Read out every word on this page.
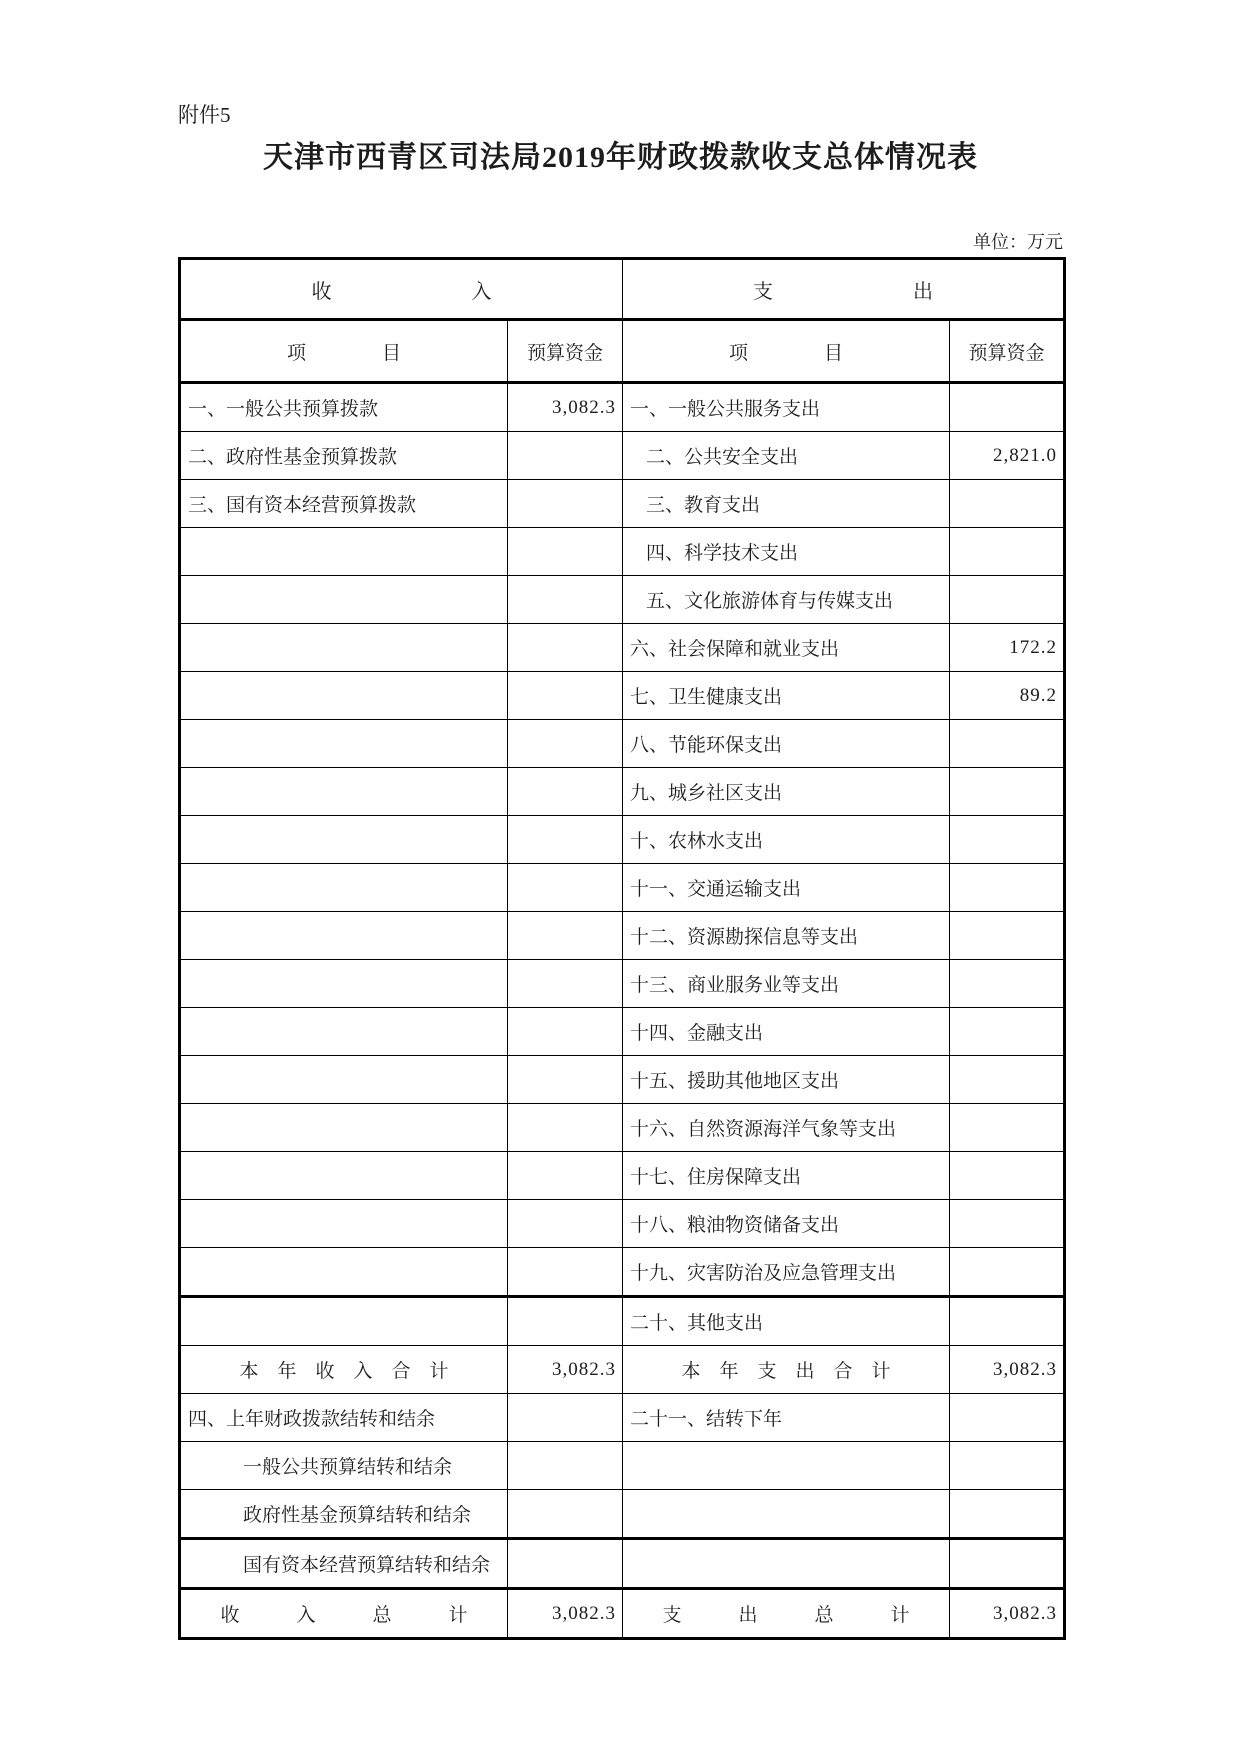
附件5
天津市西青区司法局2019年财政拨款收支总体情况表
单位：万元
收　　　　　　　入		支　　　　　　　出	
项　　　　目	预算资金	项　　　　目	预算资金
一、一般公共预算拨款	3,082.3	一、一般公共服务支出	
二、政府性基金预算拨款		二、公共安全支出	2,821.0
三、国有资本经营预算拨款		三、教育支出	
		四、科学技术支出	
		五、文化旅游体育与传媒支出	
		六、社会保障和就业支出	172.2
		七、卫生健康支出	89.2
		八、节能环保支出	
		九、城乡社区支出	
		十、农林水支出	
		十一、交通运输支出	
		十二、资源勘探信息等支出	
		十三、商业服务业等支出	
		十四、金融支出	
		十五、援助其他地区支出	
		十六、自然资源海洋气象等支出	
		十七、住房保障支出	
		十八、粮油物资储备支出	
		十九、灾害防治及应急管理支出	
		二十、其他支出	
本　年　收　入　合　计	3,082.3	本　年　支　出　合　计	3,082.3
四、上年财政拨款结转和结余		二十一、结转下年	
一般公共预算结转和结余			
政府性基金预算结转和结余			
国有资本经营预算结转和结余			
收　　　入　　　总　　　计	3,082.3	支　　　出　　　总　　　计	3,082.3
